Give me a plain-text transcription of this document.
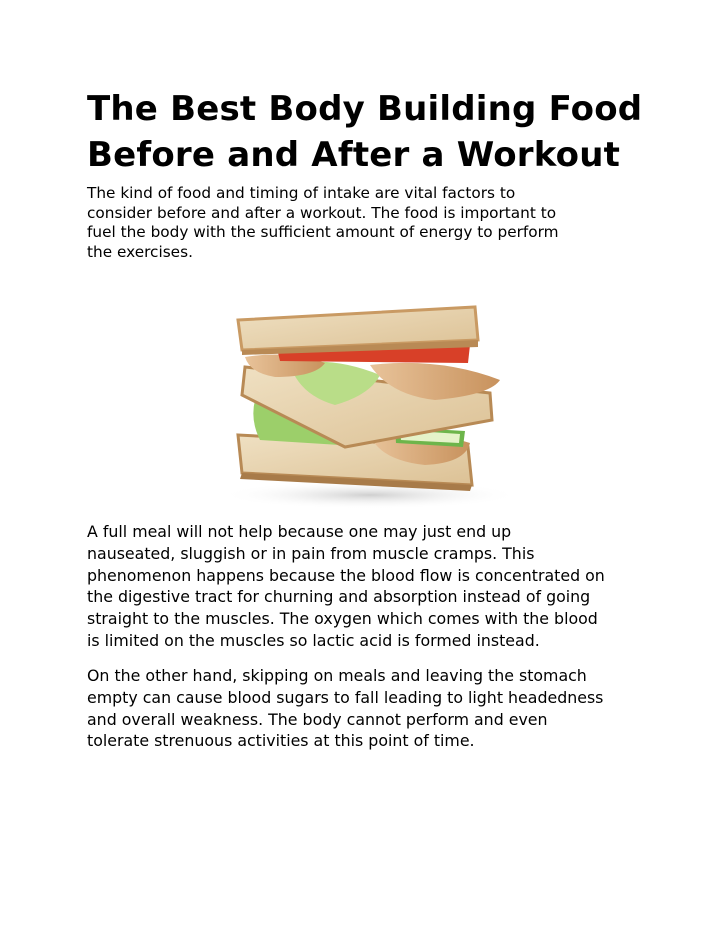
The Best Body Building Food
Before and After a Workout
The kind of food and timing of intake are vital factors to
consider before and after a workout. The food is important to
fuel the body with the sufficient amount of energy to perform
the exercises.
A full meal will not help because one may just end up
nauseated, sluggish or in pain from muscle cramps. This
phenomenon happens because the blood flow is concentrated on
the digestive tract for churning and absorption instead of going
straight to the muscles. The oxygen which comes with the blood
is limited on the muscles so lactic acid is formed instead.
On the other hand, skipping on meals and leaving the stomach
empty can cause blood sugars to fall leading to light headedness
and overall weakness. The body cannot perform and even
tolerate strenuous activities at this point of time.
